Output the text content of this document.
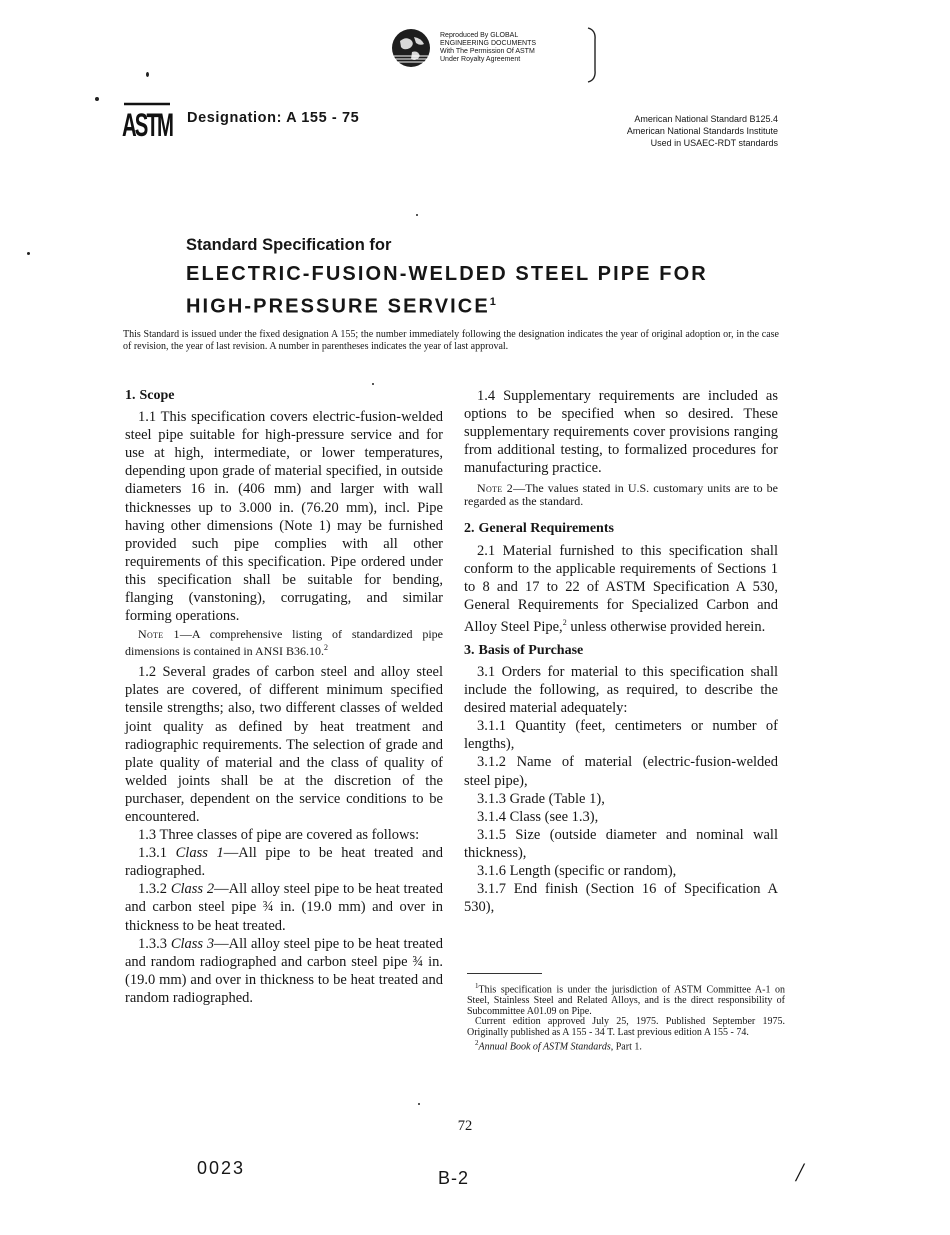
Reproduced By GLOBAL
ENGINEERING DOCUMENTS
With The Permission Of ASTM
Under Royalty Agreement
ASTM Designation: A 155 - 75	American National Standard B125.4
American National Standards Institute
Used in USAEC-RDT standards
Standard Specification for
ELECTRIC-FUSION-WELDED STEEL PIPE FOR
HIGH-PRESSURE SERVICE$^1$
This Standard is issued under the fixed designation A 155; the number immediately following the designation indicates the year of original adoption or, in the case of revision, the year of last revision. A number in parentheses indicates the year of last approval.
1. Scope

1.1 This specification covers electric-fusion-welded steel pipe suitable for high-pressure service and for use at high, intermediate, or lower temperatures, depending upon grade of material specified, in outside diameters 16 in. (406 mm) and larger with wall thicknesses up to 3.000 in. (76.20 mm), incl. Pipe having other dimensions (Note 1) may be furnished provided such pipe complies with all other requirements of this specification. Pipe ordered under this specification shall be suitable for bending, flanging (vanstoning), corrugating, and similar forming operations.

Note 1—A comprehensive listing of standardized pipe dimensions is contained in ANSI B36.10.$^2$

1.2 Several grades of carbon steel and alloy steel plates are covered, of different minimum specified tensile strengths; also, two different classes of welded joint quality as defined by heat treatment and radiographic requirements. The selection of grade and plate quality of material and the class of quality of welded joints shall be at the discretion of the purchaser, dependent on the service conditions to be encountered.

1.3 Three classes of pipe are covered as follows:

1.3.1 Class 1—All pipe to be heat treated and radiographed.

1.3.2 Class 2—All alloy steel pipe to be heat treated and carbon steel pipe ¾ in. (19.0 mm) and over in thickness to be heat treated.

1.3.3 Class 3—All alloy steel pipe to be heat treated and random radiographed and carbon steel pipe ¾ in. (19.0 mm) and over in thickness to be heat treated and random radiographed.

1.4 Supplementary requirements are included as options to be specified when so desired. These supplementary requirements cover provisions ranging from additional testing, to formalized procedures for manufacturing practice.

Note 2—The values stated in U.S. customary units are to be regarded as the standard.

2. General Requirements

2.1 Material furnished to this specification shall conform to the applicable requirements of Sections 1 to 8 and 17 to 22 of ASTM Specification A 530, General Requirements for Specialized Carbon and Alloy Steel Pipe,$^2$ unless otherwise provided herein.

3. Basis of Purchase

3.1 Orders for material to this specification shall include the following, as required, to describe the desired material adequately:

3.1.1 Quantity (feet, centimeters or number of lengths),

3.1.2 Name of material (electric-fusion-welded steel pipe),

3.1.3 Grade (Table 1),

3.1.4 Class (see 1.3),

3.1.5 Size (outside diameter and nominal wall thickness),

3.1.6 Length (specific or random),

3.1.7 End finish (Section 16 of Specification A 530),

$^1$This specification is under the jurisdiction of ASTM Committee A-1 on Steel, Stainless Steel and Related Alloys, and is the direct responsibility of Subcommittee A01.09 on Pipe.

Current edition approved July 25, 1975. Published September 1975. Originally published as A 155 - 34 T. Last previous edition A 155 - 74.

$^2$Annual Book of ASTM Standards, Part 1.

72
0023	B-2	/
